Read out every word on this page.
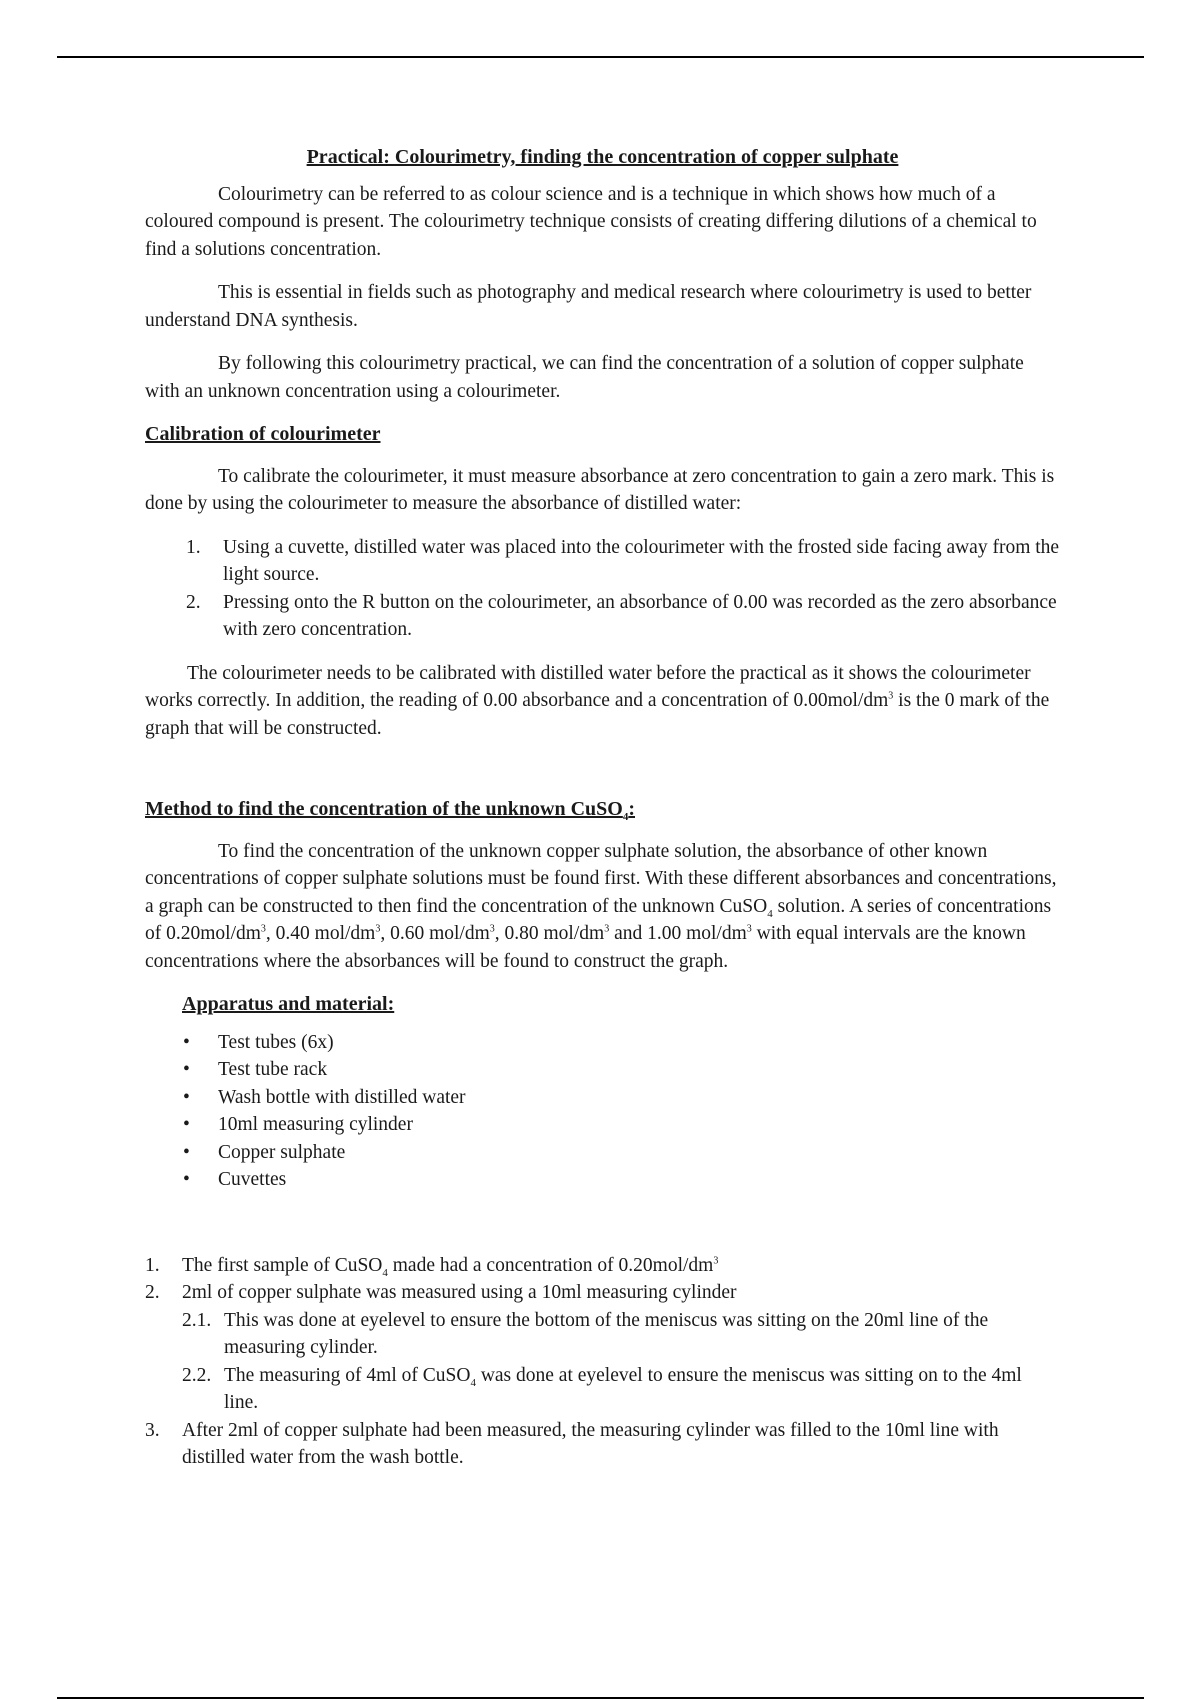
Practical: Colourimetry, finding the concentration of copper sulphate

Colourimetry can be referred to as colour science and is a technique in which shows how much of a coloured compound is present. The colourimetry technique consists of creating differing dilutions of a chemical to find a solutions concentration.

This is essential in fields such as photography and medical research where colourimetry is used to better understand DNA synthesis.

By following this colourimetry practical, we can find the concentration of a solution of copper sulphate with an unknown concentration using a colourimeter.

Calibration of colourimeter

To calibrate the colourimeter, it must measure absorbance at zero concentration to gain a zero mark. This is done by using the colourimeter to measure the absorbance of distilled water:

1. Using a cuvette, distilled water was placed into the colourimeter with the frosted side facing away from the light source.
2. Pressing onto the R button on the colourimeter, an absorbance of 0.00 was recorded as the zero absorbance with zero concentration.

The colourimeter needs to be calibrated with distilled water before the practical as it shows the colourimeter works correctly. In addition, the reading of 0.00 absorbance and a concentration of $0.00mol/dm^3$ is the 0 mark of the graph that will be constructed.

Method to find the concentration of the unknown CuSO$_4$:

To find the concentration of the unknown copper sulphate solution, the absorbance of other known concentrations of copper sulphate solutions must be found first. With these different absorbances and concentrations, a graph can be constructed to then find the concentration of the unknown CuSO$_4$ solution. A series of concentrations of $0.20mol/dm^3$, 0.40 mol/$dm^3$, 0.60 mol/$dm^3$, 0.80 mol/$dm^3$ and 1.00 mol/$dm^3$ with equal intervals are the known concentrations where the absorbances will be found to construct the graph.

Apparatus and material:
• Test tubes (6x)
• Test tube rack
• Wash bottle with distilled water
• 10ml measuring cylinder
• Copper sulphate
• Cuvettes
1. The first sample of CuSO$_4$ made had a concentration of $0.20mol/dm^3$
2. 2ml of copper sulphate was measured using a 10ml measuring cylinder
2.1. This was done at eyelevel to ensure the bottom of the meniscus was sitting on the 20ml line of the measuring cylinder.
2.2. The measuring of 4ml of CuSO$_4$ was done at eyelevel to ensure the meniscus was sitting on to the 4ml line.
3. After 2ml of copper sulphate had been measured, the measuring cylinder was filled to the 10ml line with distilled water from the wash bottle.
